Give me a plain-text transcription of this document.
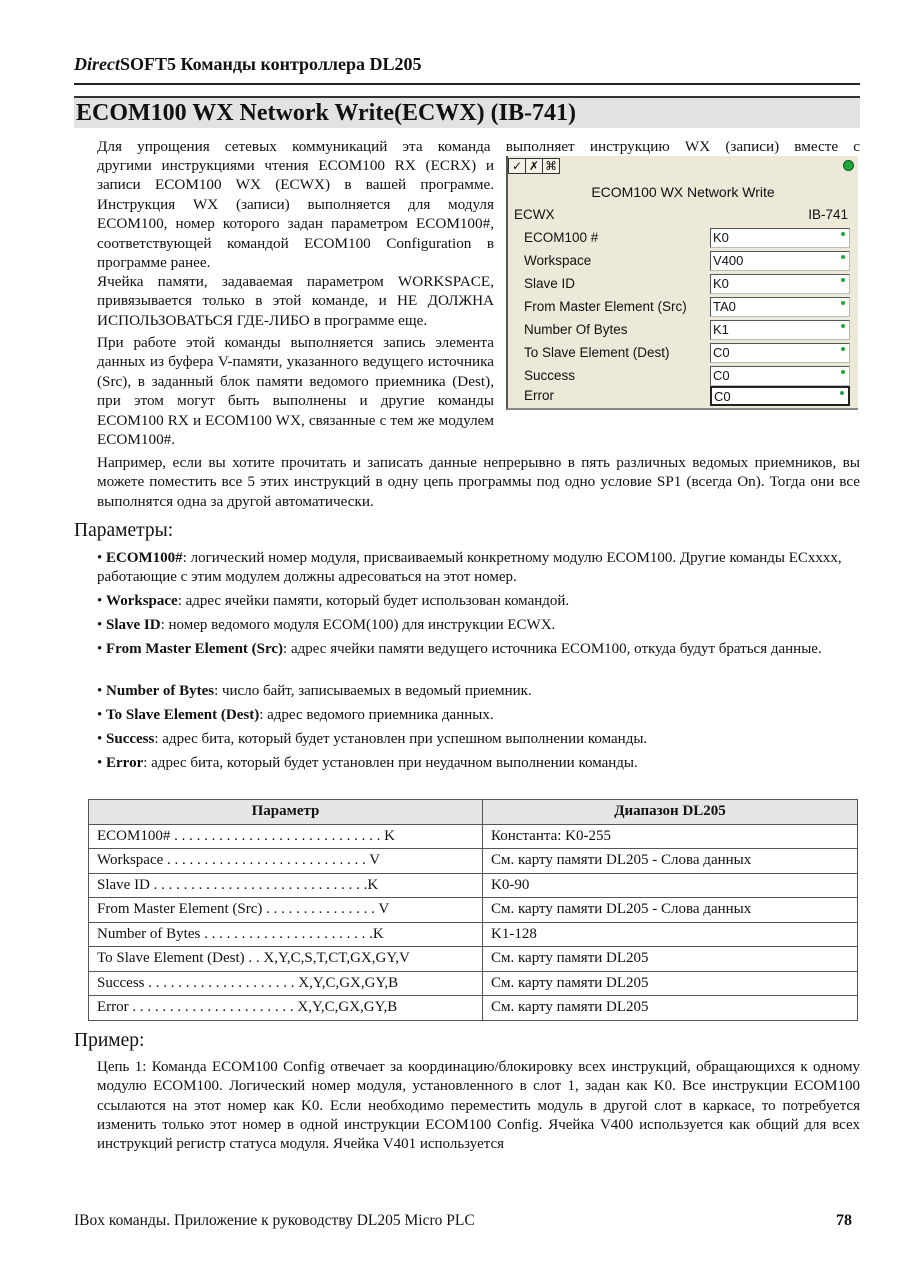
DirectSOFT5 Команды контроллера DL205
ECOM100 WX Network Write(ECWX) (IB-741)
Для упрощения сетевых коммуникаций эта команда выполняет инструкцию WX (записи) вместе с
другими инструкциями чтения ECOM100 RX (ECRX) и записи ECOM100 WX (ECWX) в вашей программе. Инструкция WX (записи) выполняется для модуля ECOM100, номер которого задан параметром ECOM100#, соответствующей командой ECOM100 Configuration в программе ранее.
Ячейка памяти, задаваемая параметром WORKSPACE, привязывается только в этой команде, и НЕ ДОЛЖНА ИСПОЛЬЗОВАТЬСЯ ГДЕ-ЛИБО в программе еще.
При работе этой команды выполняется запись элемента данных из буфера V-памяти, указанного ведущего источника (Src), в заданный блок памяти ведомого приемника (Dest), при этом могут быть выполнены и другие команды ECOM100 RX и ECOM100 WX, связанные с тем же модулем ECOM100#.
Например, если вы хотите прочитать и записать данные непрерывно в пять различных ведомых приемников, вы можете поместить все 5 этих инструкций в одну цепь программы под одно условие SP1 (всегда On). Тогда они все выполнятся одна за другой автоматически.
✓ ✗ ⌘
ECOM100 WX Network Write
ECWX	IB-741
ECOM100 #	K0
Workspace	V400
Slave ID	K0
From Master Element (Src) TA0
Number Of Bytes	K1
To Slave Element (Dest)	C0
Success	C0
Error	C0
Параметры:
• ECOM100#: логический номер модуля, присваиваемый конкретному модулю ECOM100. Другие команды ECxxxx, работающие с этим модулем должны адресоваться на этот номер.
• Workspace: адрес ячейки памяти, который будет использован командой.
• Slave ID: номер ведомого модуля ECOM(100) для инструкции ECWX.
• From Master Element (Src): адрес ячейки памяти ведущего источника ECOM100, откуда будут браться данные.
• Number of Bytes: число байт, записываемых в ведомый приемник.
• To Slave Element (Dest): адрес ведомого приемника данных.
• Success: адрес бита, который будет установлен при успешном выполнении команды.
• Error: адрес бита, который будет установлен при неудачном выполнении команды.
Параметр	Диапазон DL205
ECOM100# . . . . . . . . . . . . . . . . . . . . . . . . . . . . K	Константа: K0-255
Workspace . . . . . . . . . . . . . . . . . . . . . . . . . . . V	См. карту памяти DL205 - Слова данных
Slave ID . . . . . . . . . . . . . . . . . . . . . . . . . . . . .K	K0-90
From Master Element (Src) . . . . . . . . . . . . . . . V	См. карту памяти DL205 - Слова данных
Number of Bytes . . . . . . . . . . . . . . . . . . . . . . .K	K1-128
To Slave Element (Dest) . . X,Y,C,S,T,CT,GX,GY,V	См. карту памяти DL205
Success . . . . . . . . . . . . . . . . . . . . X,Y,C,GX,GY,B	См. карту памяти DL205
Error . . . . . . . . . . . . . . . . . . . . . . X,Y,C,GX,GY,B	См. карту памяти DL205
Пример:
Цепь 1: Команда ECOM100 Config отвечает за координацию/блокировку всех инструкций, обращающихся к одному модулю ECOM100. Логический номер модуля, установленного в слот 1, задан как K0. Все инструкции ECOM100 ссылаются на этот номер как K0. Если необходимо переместить модуль в другой слот в каркасе, то потребуется изменить только этот номер в одной инструкции ECOM100 Config. Ячейка V400 используется как общий для всех инструкций регистр статуса модуля. Ячейка V401 используется
IBox команды. Приложение к руководству DL205 Micro PLC	78
